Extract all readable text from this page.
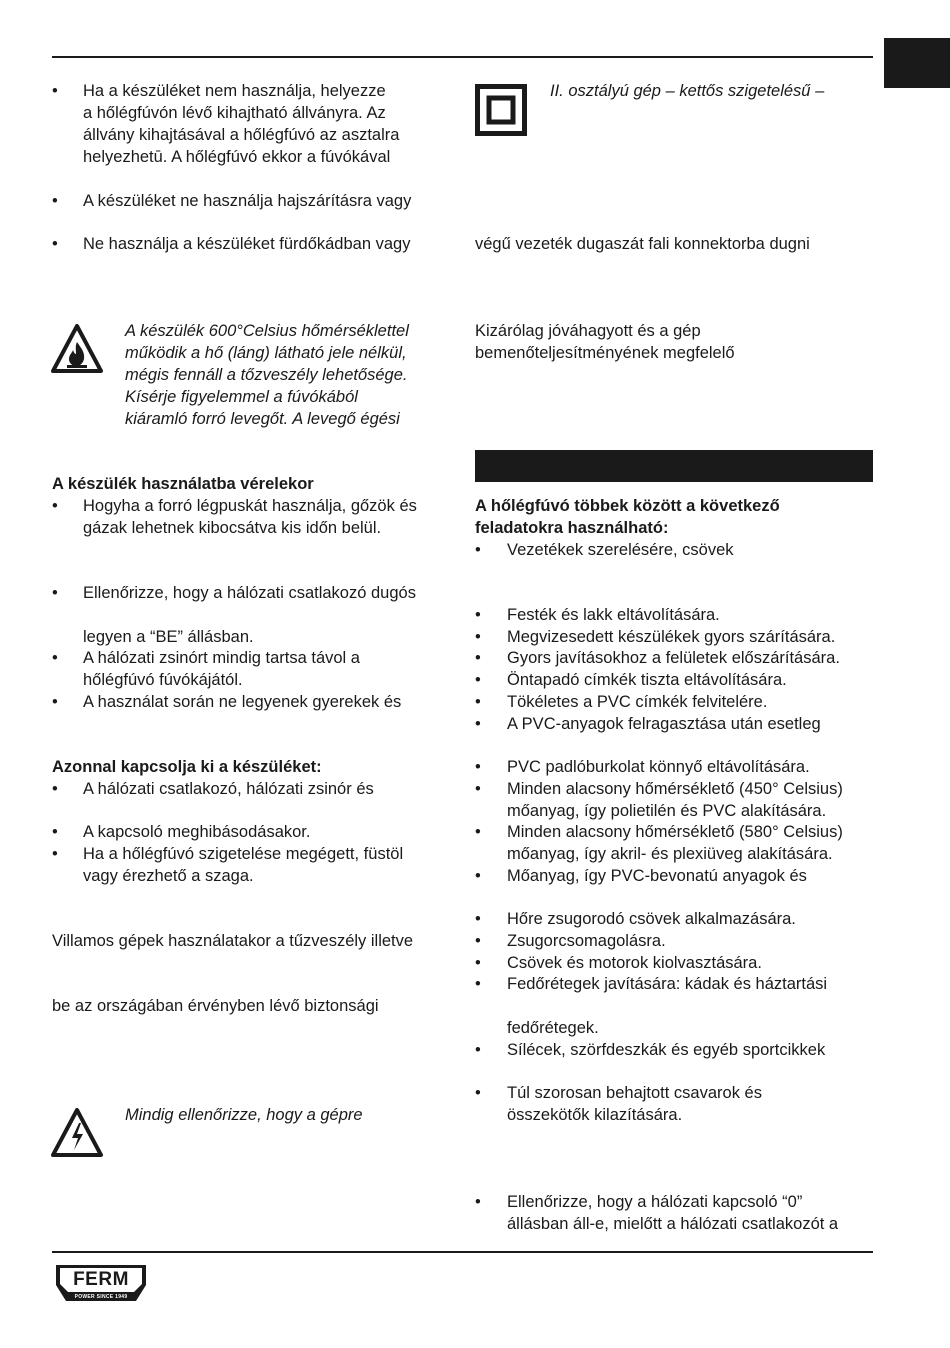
•	Ha a készüléket nem használja, helyezze
a hőlégfúvón lévő kihajtható állványra. Az
állvány kihajtásával a hőlégfúvó az asztalra
helyezhetū. A hőlégfúvó ekkor a fúvókával
•	A készüléket ne használja hajszárításra vagy
•	Ne használja a készüléket fürdőkádban vagy
A készülék 600°Celsius hőmérséklettel
működik a hő (láng) látható jele nélkül,
mégis fennáll a tőzveszély lehetősége.
Kísérje figyelemmel a fúvókából
kiáramló forró levegőt. A levegő égési
A készülék használatba vérelekor
•	Hogyha a forró légpuskát használja, gőzök és
gázak lehetnek kibocsátva kis időn belül.
•	Ellenőrizze, hogy a hálózati csatlakozó dugós
legyen a “BE” állásban.
•	A hálózati zsinórt mindig tartsa távol a
hőlégfúvó fúvókájától.
•	A használat során ne legyenek gyerekek és
Azonnal kapcsolja ki a készüléket:
•	A hálózati csatlakozó, hálózati zsinór és
•	A kapcsoló meghibásodásakor.
•	Ha a hőlégfúvó szigetelése megégett, füstöl
vagy érezhető a szaga.
Villamos gépek használatakor a tűzveszély illetve
be az országában érvényben lévő biztonsági
Mindig ellenőrizze, hogy a gépre
II. osztályú gép – kettős szigetelésű –
végű vezeték dugaszát fali konnektorba dugni
Kizárólag jóváhagyott és a gép
bemenőteljesítményének megfelelő
A hőlégfúvó többek között a következő
feladatokra használható:
•	Vezetékek szerelésére, csövek
•	Festék és lakk eltávolítására.
•	Megvizesedett készülékek gyors szárítására.
•	Gyors javításokhoz a felületek előszárítására.
•	Öntapadó címkék tiszta eltávolítására.
•	Tökéletes a PVC címkék felvitelére.
•	A PVC-anyagok felragasztása után esetleg
•	PVC padlóburkolat könnyő eltávolítására.
•	Minden alacsony hőmérséklető (450° Celsius)
mőanyag, így polietilén és PVC alakítására.
•	Minden alacsony hőmérséklető (580° Celsius)
mőanyag, így akril- és plexiüveg alakítására.
•	Mőanyag, így PVC-bevonatú anyagok és
•	Hőre zsugorodó csövek alkalmazására.
•	Zsugorcsomagolásra.
•	Csövek és motorok kiolvasztására.
•	Fedőrétegek javítására: kádak és háztartási
fedőrétegek.
•	Sílécek, szörfdeszkák és egyéb sportcikkek
•	Túl szorosan behajtott csavarok és
összekötők kilazítására.
•	Ellenőrizze, hogy a hálózati kapcsoló “0”
állásban áll-e, mielőtt a hálózati csatlakozót a
FERM
POWER SINCE 1949
